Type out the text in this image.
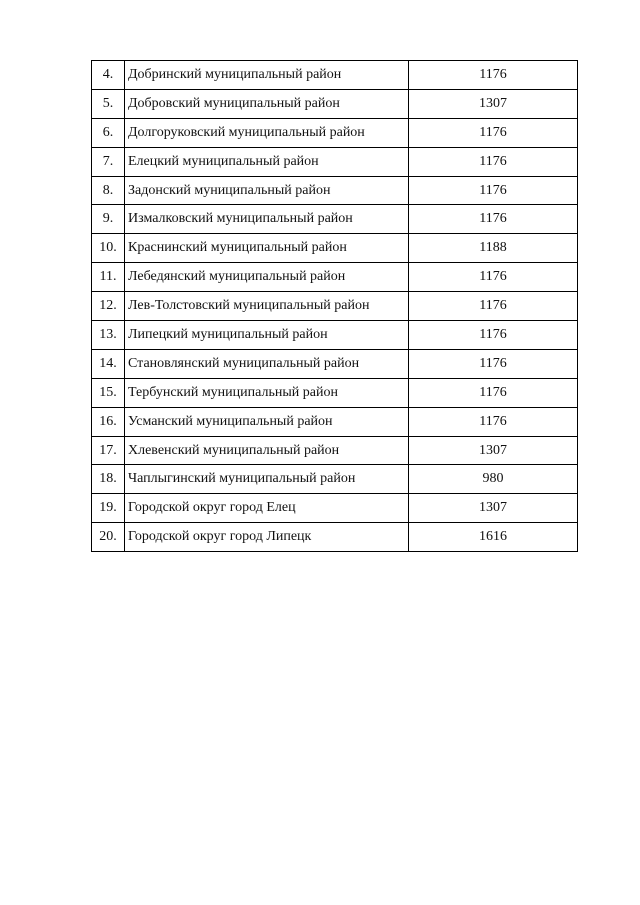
4.	Добринский муниципальный район	1176
5.	Добровский муниципальный район	1307
6.	Долгоруковский муниципальный район	1176
7.	Елецкий муниципальный район	1176
8.	Задонский муниципальный район	1176
9.	Измалковский муниципальный район	1176
10.	Краснинский муниципальный район	1188
11.	Лебедянский муниципальный район	1176
12.	Лев-Толстовский муниципальный район	1176
13.	Липецкий муниципальный район	1176
14.	Становлянский муниципальный район	1176
15.	Тербунский муниципальный район	1176
16.	Усманский муниципальный район	1176
17.	Хлевенский муниципальный район	1307
18.	Чаплыгинский муниципальный район	980
19.	Городской округ город Елец	1307
20.	Городской округ город Липецк	1616
